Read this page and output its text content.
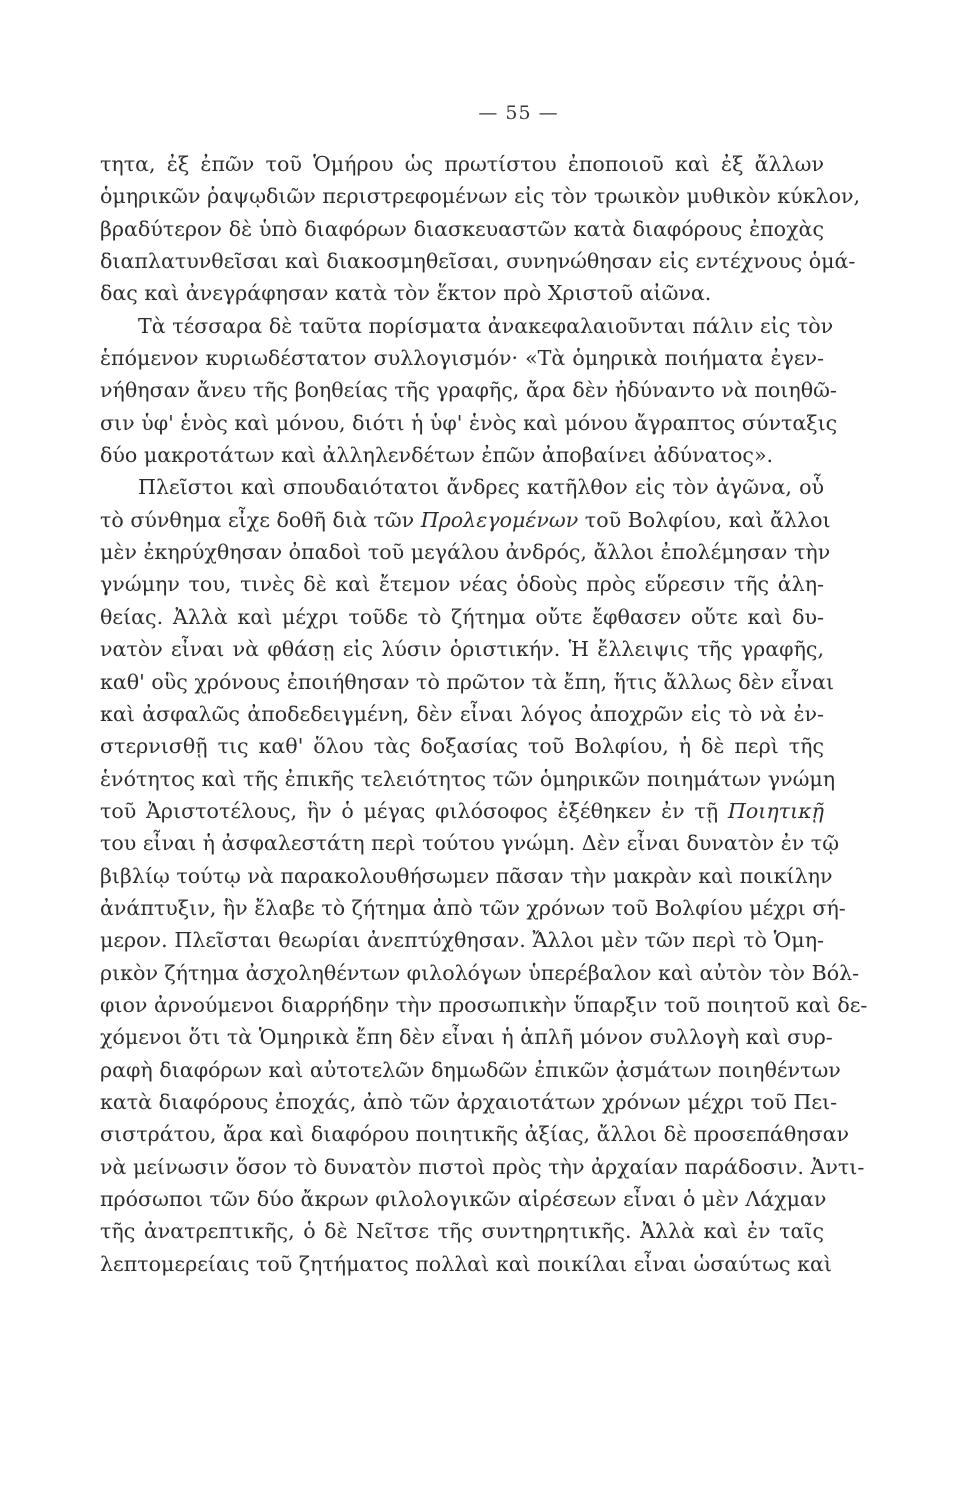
— 55 —
τητα, ἐξ ἐπῶν τοῦ Ὁμήρου ὡς πρωτίστου ἐποποιοῦ καὶ ἐξ ἄλλων
ὁμηρικῶν ῥαψῳδιῶν περιστρεφομένων εἰς τὸν τρωικὸν μυθικὸν κύκλον,
βραδύτερον δὲ ὑπὸ διαφόρων διασκευαστῶν κατὰ διαφόρους ἐποχὰς
διαπλατυνθεῖσαι καὶ διακοσμηθεῖσαι, συνηνώθησαν εἰς εντέχνους ὁμά-
δας καὶ ἀνεγράφησαν κατὰ τὸν ἕκτον πρὸ Χριστοῦ αἰῶνα.
Τὰ τέσσαρα δὲ ταῦτα πορίσματα ἀνακεφαλαιοῦνται πάλιν εἰς τὸν
ἑπόμενον κυριωδέστατον συλλογισμόν· «Τὰ ὁμηρικὰ ποιήματα ἐγεν-
νήθησαν ἄνευ τῆς βοηθείας τῆς γραφῆς, ἄρα δὲν ἠδύναντο νὰ ποιηθῶ-
σιν ὑφ' ἑνὸς καὶ μόνου, διότι ἡ ὑφ' ἑνὸς καὶ μόνου ἄγραπτος σύνταξις
δύο μακροτάτων καὶ ἀλληλενδέτων ἐπῶν ἀποβαίνει ἀδύνατος».
Πλεῖστοι καὶ σπουδαιότατοι ἄνδρες κατῆλθον εἰς τὸν ἀγῶνα, οὗ
τὸ σύνθημα εἶχε δοθῆ διὰ τῶν Προλεγομένων τοῦ Βολφίου, καὶ ἄλλοι
μὲν ἐκηρύχθησαν ὀπαδοὶ τοῦ μεγάλου ἀνδρός, ἄλλοι ἐπολέμησαν τὴν
γνώμην του, τινὲς δὲ καὶ ἔτεμον νέας ὁδοὺς πρὸς εὕρεσιν τῆς ἀλη-
θείας. Ἀλλὰ καὶ μέχρι τοῦδε τὸ ζήτημα οὔτε ἔφθασεν οὔτε καὶ δυ-
νατὸν εἶναι νὰ φθάσῃ εἰς λύσιν ὁριστικήν. Ἡ ἔλλειψις τῆς γραφῆς,
καθ' οὓς χρόνους ἐποιήθησαν τὸ πρῶτον τὰ ἔπη, ἥτις ἄλλως δὲν εἶναι
καὶ ἀσφαλῶς ἀποδεδειγμένη, δὲν εἶναι λόγος ἀποχρῶν εἰς τὸ νὰ ἐν-
στερνισθῇ τις καθ' ὅλου τὰς δοξασίας τοῦ Βολφίου, ἡ δὲ περὶ τῆς
ἑνότητος καὶ τῆς ἐπικῆς τελειότητος τῶν ὁμηρικῶν ποιημάτων γνώμη
τοῦ Ἀριστοτέλους, ἣν ὁ μέγας φιλόσοφος ἐξέθηκεν ἐν τῇ Ποιητικῇ
του εἶναι ἡ ἀσφαλεστάτη περὶ τούτου γνώμη. Δὲν εἶναι δυνατὸν ἐν τῷ
βιβλίῳ τούτῳ νὰ παρακολουθήσωμεν πᾶσαν τὴν μακρὰν καὶ ποικίλην
ἀνάπτυξιν, ἣν ἔλαβε τὸ ζήτημα ἀπὸ τῶν χρόνων τοῦ Βολφίου μέχρι σή-
μερον. Πλεῖσται θεωρίαι ἀνεπτύχθησαν. Ἄλλοι μὲν τῶν περὶ τὸ Ὁμη-
ρικὸν ζήτημα ἀσχοληθέντων φιλολόγων ὑπερέβαλον καὶ αὐτὸν τὸν Βόλ-
φιον ἀρνούμενοι διαρρήδην τὴν προσωπικὴν ὕπαρξιν τοῦ ποιητοῦ καὶ δε-
χόμενοι ὅτι τὰ Ὁμηρικὰ ἔπη δὲν εἶναι ἡ ἁπλῆ μόνον συλλογὴ καὶ συρ-
ραφὴ διαφόρων καὶ αὐτοτελῶν δημωδῶν ἐπικῶν ᾀσμάτων ποιηθέντων
κατὰ διαφόρους ἐποχάς, ἀπὸ τῶν ἀρχαιοτάτων χρόνων μέχρι τοῦ Πει-
σιστράτου, ἄρα καὶ διαφόρου ποιητικῆς ἀξίας, ἄλλοι δὲ προσεπάθησαν
νὰ μείνωσιν ὅσον τὸ δυνατὸν πιστοὶ πρὸς τὴν ἀρχαίαν παράδοσιν. Ἀντι-
πρόσωποι τῶν δύο ἄκρων φιλολογικῶν αἱρέσεων εἶναι ὁ μὲν Λάχμαν
τῆς ἀνατρεπτικῆς, ὁ δὲ Νεῖτσε τῆς συντηρητικῆς. Ἀλλὰ καὶ ἐν ταῖς
λεπτομερείαις τοῦ ζητήματος πολλαὶ καὶ ποικίλαι εἶναι ὡσαύτως καὶ
